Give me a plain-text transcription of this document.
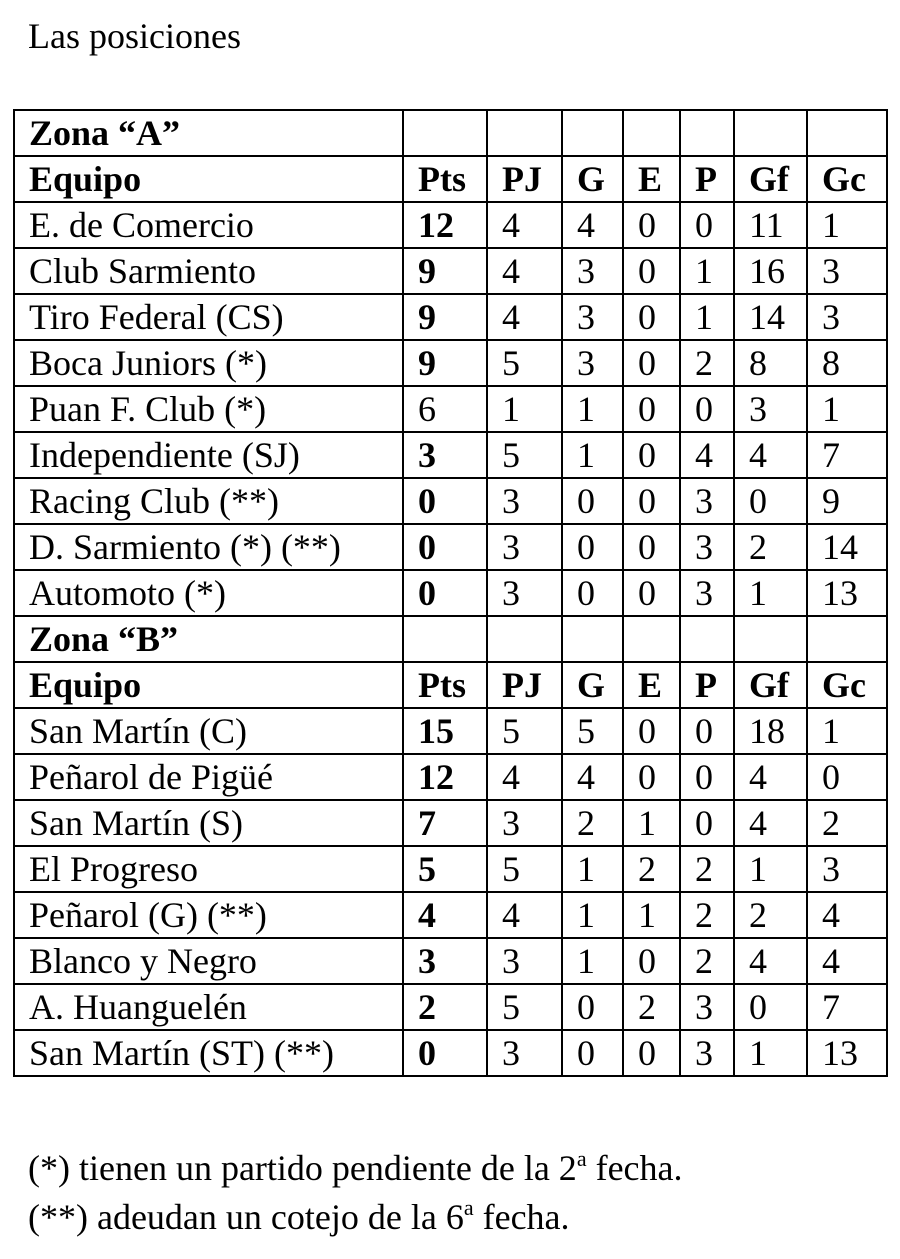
Las posiciones
Zona “A”							
Equipo	Pts	PJ	G	E	P	Gf	Gc
E. de Comercio	12	4	4	0	0	11	1
Club Sarmiento	9	4	3	0	1	16	3
Tiro Federal (CS)	9	4	3	0	1	14	3
Boca Juniors (*)	9	5	3	0	2	8	8
Puan F. Club (*)	6	1	1	0	0	3	1
Independiente (SJ)	3	5	1	0	4	4	7
Racing Club (**)	0	3	0	0	3	0	9
D. Sarmiento (*) (**)	0	3	0	0	3	2	14
Automoto (*)	0	3	0	0	3	1	13
Zona “B”							
Equipo	Pts	PJ	G	E	P	Gf	Gc
San Martín (C)	15	5	5	0	0	18	1
Peñarol de Pigüé	12	4	4	0	0	4	0
San Martín (S)	7	3	2	1	0	4	2
El Progreso	5	5	1	2	2	1	3
Peñarol (G) (**)	4	4	1	1	2	2	4
Blanco y Negro	3	3	1	0	2	4	4
A. Huanguelén	2	5	0	2	3	0	7
San Martín (ST) (**)	0	3	0	0	3	1	13
(*) tienen un partido pendiente de la 2$^a$ fecha.
(**) adeudan un cotejo de la 6$^a$ fecha.
